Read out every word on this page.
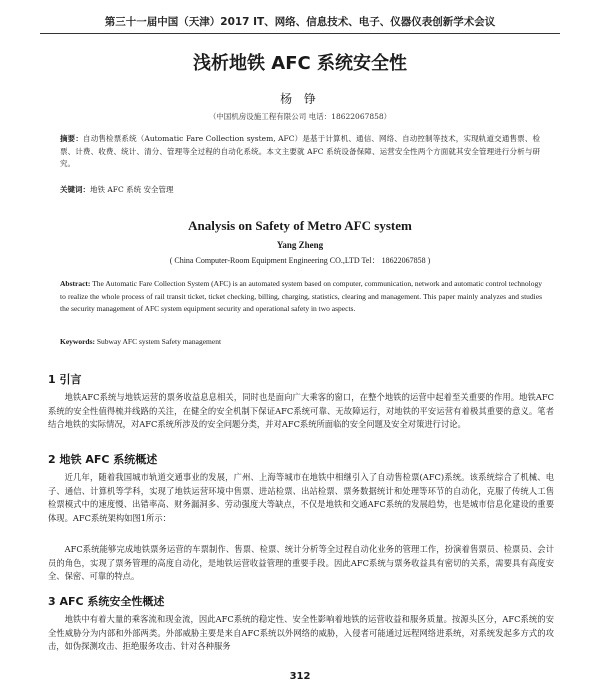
第三十一届中国（天津）2017 IT、网络、信息技术、电子、仪器仪表创新学术会议
浅析地铁 AFC 系统安全性
杨 铮
（中国机房设施工程有限公司 电话：18622067858）
摘要：自动售检票系统（Automatic Fare Collection system, AFC）是基于计算机、通信、网络、自动控制等技术，实现轨道交通售票、检票、计费、收费、统计、清分、管理等全过程的自动化系统。本文主要就 AFC 系统设备保障、运营安全性两个方面就其安全管理进行分析与研究。
关键词：地铁 AFC 系统 安全管理
Analysis on Safety of Metro AFC system
Yang Zheng
( China Computer-Room Equipment Engineering CO.,LTD Tel： 18622067858 )
Abstract: The Automatic Fare Collection System (AFC) is an automated system based on computer, communication, network and automatic control technology to realize the whole process of rail transit ticket, ticket checking, billing, charging, statistics, clearing and management. This paper mainly analyzes and studies the security management of AFC system equipment security and operational safety in two aspects.
Keywords: Subway AFC system Safety management
1 引言

地铁AFC系统与地铁运营的票务收益息息相关，同时也是面向广大乘客的窗口，在整个地铁的运营中起着至关重要的作用。地铁AFC系统的安全性值得梳并线路的关注，在健全的安全机制下保证AFC系统可靠、无故障运行，对地铁的平安运营有着极其重要的意义。笔者结合地铁的实际情况，对AFC系统所涉及的安全问题分类，并对AFC系统所面临的安全问题及安全对策进行讨论。

2 地铁 AFC 系统概述

近几年，随着我国城市轨道交通事业的发展，广州、上海等城市在地铁中相继引入了自动售检票(AFC)系统。该系统综合了机械、电子、通信、计算机等学科，实现了地铁运营环境中售票、进站检票、出站检票、票务数据统计和处理等环节的自动化，克服了传统人工售检票模式中的速度慢、出错率高、财务漏洞多、劳动强度大等缺点，不仅是地铁和交通AFC系统的发展趋势，也是城市信息化建设的重要体现。AFC系统架构如图1所示：

AFC系统能够完成地铁票务运营的车票制作、售票、检票、统计分析等全过程自动化业务的管理工作，扮演着售票员、检票员、会计员的角色，实现了票务管理的高度自动化，是地铁运营收益管理的重要手段。因此AFC系统与票务收益具有密切的关系，需要具有高度安全、保密、可靠的特点。

3 AFC 系统安全性概述

地铁中有着大量的乘客流和现金流，因此AFC系统的稳定性、安全性影响着地铁的运营收益和服务质量。按源头区分，AFC系统的安全性威胁分为内部和外部两类。外部威胁主要是来自AFC系统以外网络的威胁，入侵者可能通过远程网络进系统，对系统发起多方式的攻击，如伪探测攻击、拒绝服务攻击、针对各种服务

312
